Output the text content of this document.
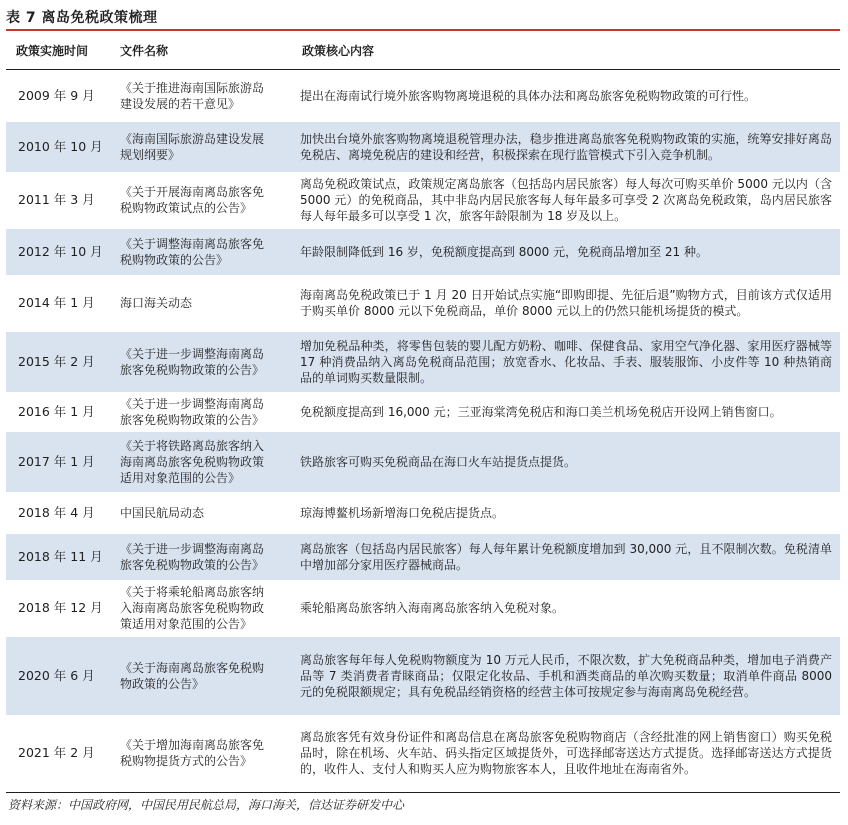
表 7 离岛免税政策梳理
政策实施时间	文件名称	政策核心内容
2009 年 9 月	《关于推进海南国际旅游岛建设发展的若干意见》	提出在海南试行境外旅客购物离境退税的具体办法和离岛旅客免税购物政策的可行性。
2010 年 10 月	《海南国际旅游岛建设发展规划纲要》	加快出台境外旅客购物离境退税管理办法，稳步推进离岛旅客免税购物政策的实施，统筹安排好离岛免税店、离境免税店的建设和经营，积极探索在现行监管模式下引入竞争机制。
2011 年 3 月	《关于开展海南离岛旅客免税购物政策试点的公告》	离岛免税政策试点，政策规定离岛旅客（包括岛内居民旅客）每人每次可购买单价 5000 元以内（含 5000 元）的免税商品，其中非岛内居民旅客每人每年最多可享受 2 次离岛免税政策，岛内居民旅客每人每年最多可以享受 1 次，旅客年龄限制为 18 岁及以上。
2012 年 10 月	《关于调整海南离岛旅客免税购物政策的公告》	年龄限制降低到 16 岁，免税额度提高到 8000 元，免税商品增加至 21 种。
2014 年 1 月	海口海关动态	海南离岛免税政策已于 1 月 20 日开始试点实施“即购即提、先征后退”购物方式，目前该方式仅适用于购买单价 8000 元以下免税商品，单价 8000 元以上的仍然只能机场提货的模式。
2015 年 2 月	《关于进一步调整海南离岛旅客免税购物政策的公告》	增加免税品种类，将零售包装的婴儿配方奶粉、咖啡、保健食品、家用空气净化器、家用医疗器械等 17 种消费品纳入离岛免税商品范围；放宽香水、化妆品、手表、服装服饰、小皮件等 10 种热销商品的单词购买数量限制。
2016 年 1 月	《关于进一步调整海南离岛旅客免税购物政策的公告》	免税额度提高到 16,000 元；三亚海棠湾免税店和海口美兰机场免税店开设网上销售窗口。
2017 年 1 月	《关于将铁路离岛旅客纳入海南离岛旅客免税购物政策适用对象范围的公告》	铁路旅客可购买免税商品在海口火车站提货点提货。
2018 年 4 月	中国民航局动态	琼海博鳌机场新增海口免税店提货点。
2018 年 11 月	《关于进一步调整海南离岛旅客免税购物政策的公告》	离岛旅客（包括岛内居民旅客）每人每年累计免税额度增加到 30,000 元，且不限制次数。免税清单中增加部分家用医疗器械商品。
2018 年 12 月	《关于将乘轮船离岛旅客纳入海南离岛旅客免税购物政策适用对象范围的公告》	乘轮船离岛旅客纳入海南离岛旅客纳入免税对象。
2020 年 6 月	《关于海南离岛旅客免税购物政策的公告》	离岛旅客每年每人免税购物额度为 10 万元人民币，不限次数，扩大免税商品种类，增加电子消费产品等 7 类消费者青睐商品；仅限定化妆品、手机和酒类商品的单次购买数量；取消单件商品 8000 元的免税限额规定；具有免税品经销资格的经营主体可按规定参与海南离岛免税经营。
2021 年 2 月	《关于增加海南离岛旅客免税购物提货方式的公告》	离岛旅客凭有效身份证件和离岛信息在离岛旅客免税购物商店（含经批准的网上销售窗口）购买免税品时，除在机场、火车站、码头指定区域提货外，可选择邮寄送达方式提货。选择邮寄送达方式提货的，收件人、支付人和购买人应为购物旅客本人，且收件地址在海南省外。
资料来源：中国政府网，中国民用民航总局，海口海关，信达证券研发中心
